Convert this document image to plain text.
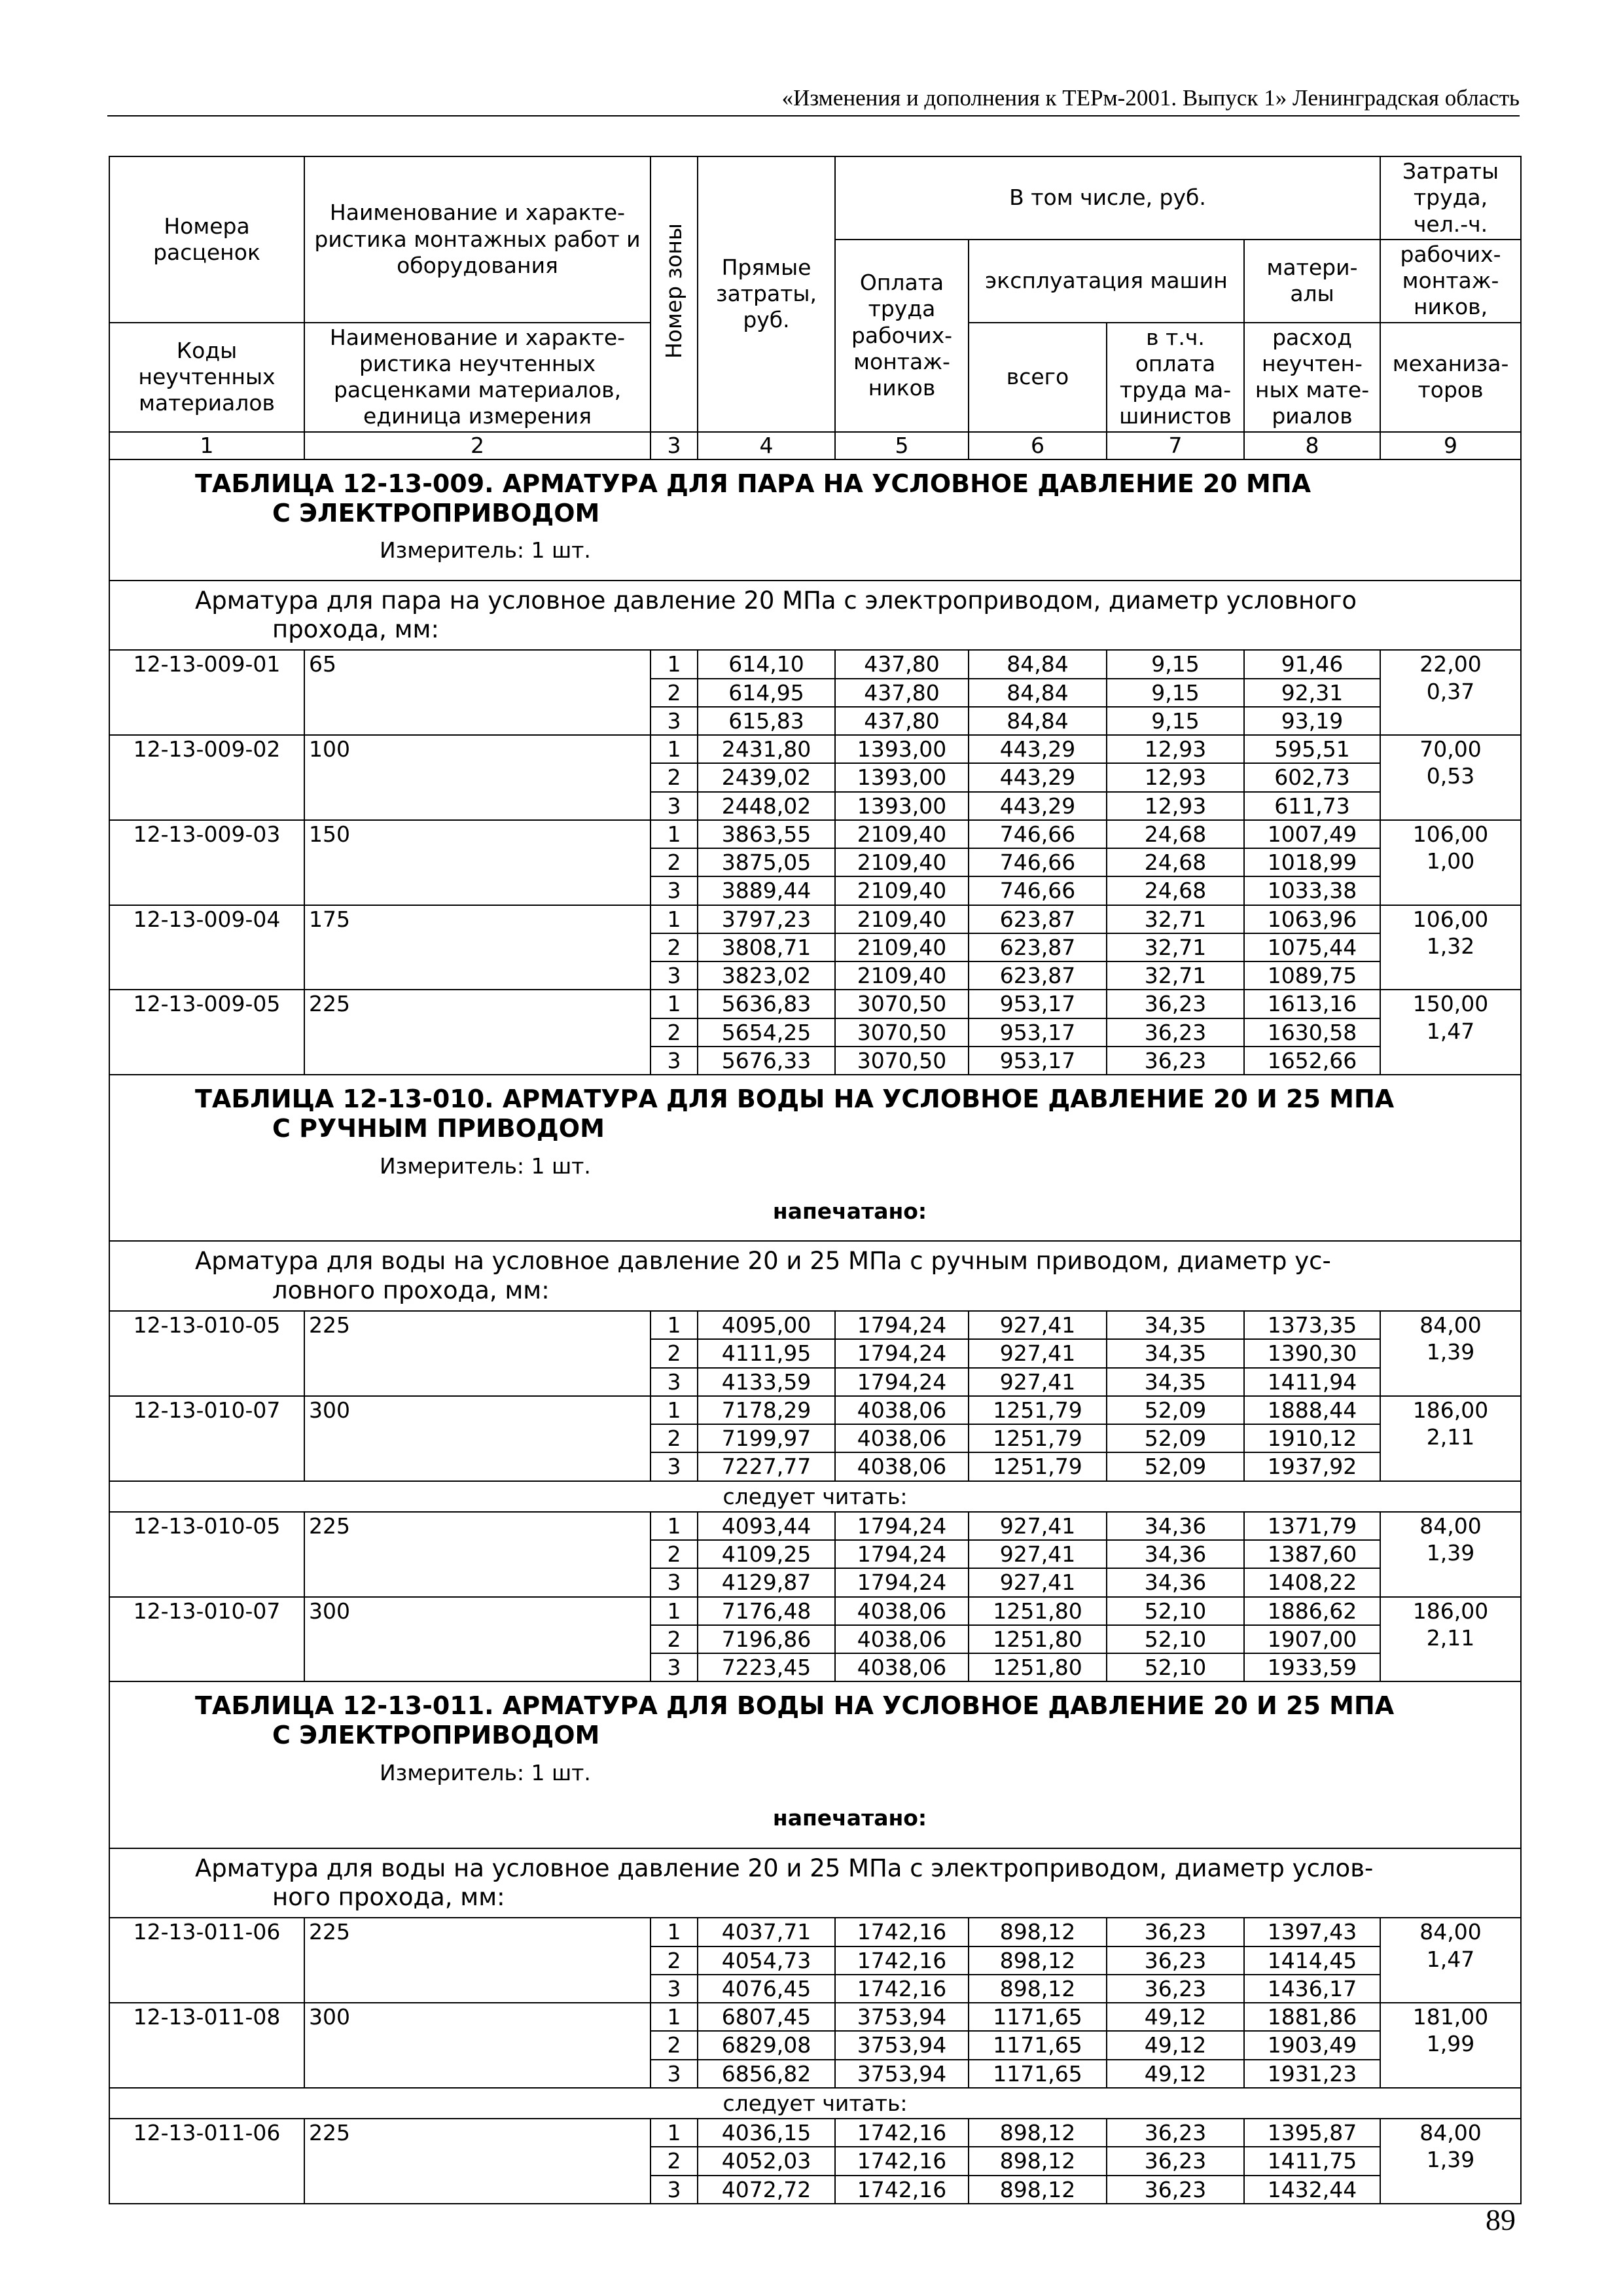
«Изменения и дополнения к ТЕРм-2001. Выпуск 1» Ленинградская область
Номера расценок	Наименование и характе-ристика монтажных работ и оборудования	Номер зоны	Прямые затраты, руб.	В том числе, руб.				Затраты труда, чел.-ч.
				Оплата труда рабочих-монтаж-ников	эксплуатация машин		матери-алы	рабочих-монтаж-ников,
Коды неучтенных материалов	Наименование и характе-ристика неучтенных расценками материалов, единица измерения				всего	в т.ч. оплата труда ма-шинистов	расход неучтен-ных мате-риалов	механиза-торов
1	2	3	4	5	6	7	8	9

ТАБЛИЦА 12-13-009. АРМАТУРА ДЛЯ ПАРА НА УСЛОВНОЕ ДАВЛЕНИЕ 20 МПА
С ЭЛЕКТРОПРИВОДОМ
Измеритель: 1 шт.								

Арматура для пара на условное давление 20 МПа с электроприводом, диаметр условного
прохода, мм:								

12-13-009-01	65	1	614,10	437,80	84,84	9,15	91,46	22,00
0,37

		2	614,95	437,80	84,84	9,15	92,31	
		3	615,83	437,80	84,84	9,15	93,19	
12-13-009-02	100	1	2431,80	1393,00	443,29	12,93	595,51	70,00
0,53

		2	2439,02	1393,00	443,29	12,93	602,73	
		3	2448,02	1393,00	443,29	12,93	611,73	
12-13-009-03	150	1	3863,55	2109,40	746,66	24,68	1007,49	106,00
1,00

		2	3875,05	2109,40	746,66	24,68	1018,99	
		3	3889,44	2109,40	746,66	24,68	1033,38	
12-13-009-04	175	1	3797,23	2109,40	623,87	32,71	1063,96	106,00
1,32

		2	3808,71	2109,40	623,87	32,71	1075,44	
		3	3823,02	2109,40	623,87	32,71	1089,75	
12-13-009-05	225	1	5636,83	3070,50	953,17	36,23	1613,16	150,00
1,47

		2	5654,25	3070,50	953,17	36,23	1630,58	
		3	5676,33	3070,50	953,17	36,23	1652,66	

ТАБЛИЦА 12-13-010. АРМАТУРА ДЛЯ ВОДЫ НА УСЛОВНОЕ ДАВЛЕНИЕ 20 И 25 МПА
С РУЧНЫМ ПРИВОДОМ
Измеритель: 1 шт.
напечатано:								

Арматура для воды на условное давление 20 и 25 МПа с ручным приводом, диаметр ус-
ловного прохода, мм:								

12-13-010-05	225	1	4095,00	1794,24	927,41	34,35	1373,35	84,00
1,39

		2	4111,95	1794,24	927,41	34,35	1390,30	
		3	4133,59	1794,24	927,41	34,35	1411,94	
12-13-010-07	300	1	7178,29	4038,06	1251,79	52,09	1888,44	186,00
2,11

		2	7199,97	4038,06	1251,79	52,09	1910,12	
		3	7227,77	4038,06	1251,79	52,09	1937,92	
следует читать:								
12-13-010-05	225	1	4093,44	1794,24	927,41	34,36	1371,79	84,00
1,39

		2	4109,25	1794,24	927,41	34,36	1387,60	
		3	4129,87	1794,24	927,41	34,36	1408,22	
12-13-010-07	300	1	7176,48	4038,06	1251,80	52,10	1886,62	186,00
2,11

		2	7196,86	4038,06	1251,80	52,10	1907,00	
		3	7223,45	4038,06	1251,80	52,10	1933,59	

ТАБЛИЦА 12-13-011. АРМАТУРА ДЛЯ ВОДЫ НА УСЛОВНОЕ ДАВЛЕНИЕ 20 И 25 МПА
С ЭЛЕКТРОПРИВОДОМ
Измеритель: 1 шт.
напечатано:								

Арматура для воды на условное давление 20 и 25 МПа с электроприводом, диаметр услов-
ного прохода, мм:								

12-13-011-06	225	1	4037,71	1742,16	898,12	36,23	1397,43	84,00
1,47

		2	4054,73	1742,16	898,12	36,23	1414,45	
		3	4076,45	1742,16	898,12	36,23	1436,17	
12-13-011-08	300	1	6807,45	3753,94	1171,65	49,12	1881,86	181,00
1,99

		2	6829,08	3753,94	1171,65	49,12	1903,49	
		3	6856,82	3753,94	1171,65	49,12	1931,23	
следует читать:								
12-13-011-06	225	1	4036,15	1742,16	898,12	36,23	1395,87	84,00
1,39

		2	4052,03	1742,16	898,12	36,23	1411,75	
		3	4072,72	1742,16	898,12	36,23	1432,44	
89
